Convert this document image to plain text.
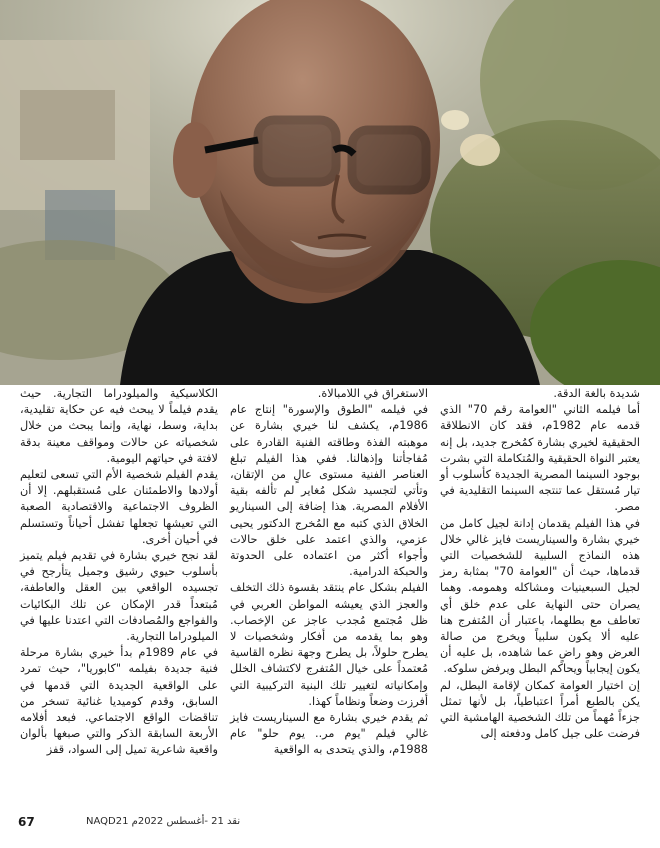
شديدة بالغة الدقة.

أما فيلمه الثاني "العوامة رقم 70" الذي قدمه عام 1982م، فقد كان الانطلاقة الحقيقية لخيري بشارة كمُخرج جديد، بل إنه يعتبر النواة الحقيقية والمُتكاملة التي بشرت بوجود السينما المصرية الجديدة كأسلوب أو تيار مُستقل عما تنتجه السينما التقليدية في مصر.

في هذا الفيلم يقدمان إدانة لجيل كامل من خيري بشارة والسيناريست فايز غالي خلال هذه النماذج السلبية للشخصيات التي قدماها، حيث أن "العوامة 70" بمثابة رمز لجيل السبعينيات ومشاكله وهمومه. وهما يصران حتى النهاية على عدم خلق أي تعاطف مع بطلهما، باعتبار أن المُتفرج هنا عليه ألا يكون سلبياً ويخرج من صالة العرض وهو راضٍ عما شاهده، بل عليه أن يكون إيجابياً ويحاكم البطل ويرفض سلوكه.

إن اختيار العوامة كمكان لإقامة البطل، لم يكن بالطبع أمراً اعتباطياً، بل لأنها تمثل جزءاً مُهماً من تلك الشخصية الهامشية التي فرضت على جيل كامل ودفعته إلى

الاستغراق في اللامبالاة.

في فيلمه "الطوق والإسورة" إنتاج عام 1986م، يكشف لنا خيري بشارة عن موهبته الفذة وطاقته الفنية القادرة على مُفاجأتنا وإذهالنا. ففي هذا الفيلم تبلغ العناصر الفنية مستوى عالٍ من الإتقان، وتأتي لتجسيد شكل مُغاير لم تألفه بقية الأفلام المصرية. هذا إضافة إلى السيناريو الخلاق الذي كتبه مع المُخرج الدكتور يحيى عزمي، والذي اعتمد على خلق حالات وأجواء أكثر من اعتماده على الحدوتة والحبكة الدرامية.

الفيلم بشكل عام ينتقد بقسوة ذلك التخلف والعجز الذي يعيشه المواطن العربي في ظل مُجتمع مُجدب عاجز عن الإخصاب. وهو بما يقدمه من أفكار وشخصيات لا يطرح حلولاً، بل يطرح وجهة نظره القاسية مُعتمداً على خيال المُتفرج لاكتشاف الخلل وإمكانياته لتغيير تلك البنية التركيبية التي أفرزت وضعاً ونظاماً كهذا.

ثم يقدم خيري بشارة مع السيناريست فايز غالي فيلم "يوم مر.. يوم حلو" عام 1988م، والذي يتحدى به الواقعية

الكلاسيكية والميلودراما التجارية. حيث يقدم فيلماً لا يبحث فيه عن حكاية تقليدية، بداية، وسط، نهاية، وإنما يبحث من خلال شخصياته عن حالات ومواقف معينة بدقة لافتة في حياتهم اليومية.

يقدم الفيلم شخصية الأم التي تسعى لتعليم أولادها والاطمئنان على مُستقبلهم. إلا أن الظروف الاجتماعية والاقتصادية الصعبة التي تعيشها تجعلها تفشل أحياناً وتستسلم في أحيان أخرى.

لقد نجح خيري بشارة في تقديم فيلم يتميز بأسلوب حيوي رشيق وجميل يتأرجح في تجسيده الواقعي بين العقل والعاطفة، مُبتعداً قدر الإمكان عن تلك البكائيات والفواجع والمُصادفات التي اعتدنا عليها في الميلودراما التجارية.

في عام 1989م بدأ خيري بشارة مرحلة فنية جديدة بفيلمه "كابوريا"، حيث تمرد على الواقعية الجديدة التي قدمها في السابق، وقدم كوميديا غنائية تسخر من تناقضات الواقع الاجتماعي. فبعد أفلامه الأربعة السابقة الذكر والتي صبغها بألوان واقعية شاعرية تميل إلى السواد، قفز

67	نقد 21 -أغسطس 2022م NAQD21
